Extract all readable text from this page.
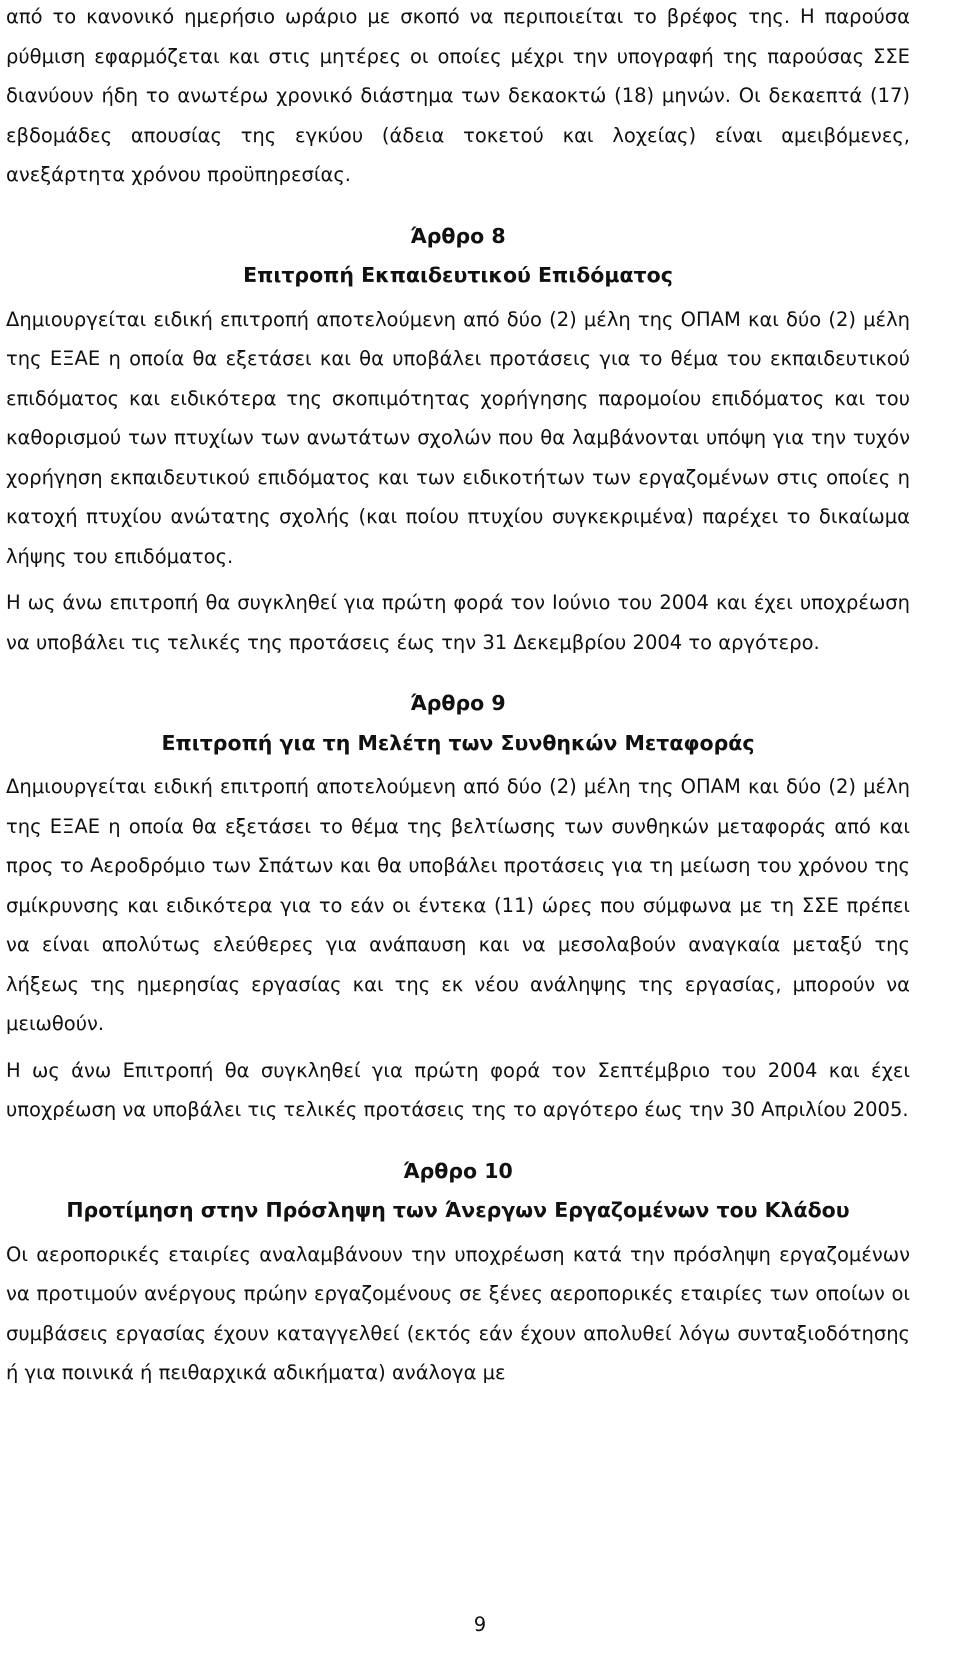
από το κανονικό ημερήσιο ωράριο με σκοπό να περιποιείται το βρέφος της. Η παρούσα ρύθμιση εφαρμόζεται και στις μητέρες οι οποίες μέχρι την υπογραφή της παρούσας ΣΣΕ διανύουν ήδη το ανωτέρω χρονικό διάστημα των δεκαοκτώ (18) μηνών. Οι δεκαεπτά (17) εβδομάδες απουσίας της εγκύου (άδεια τοκετού και λοχείας) είναι αμειβόμενες, ανεξάρτητα χρόνου προϋπηρεσίας.

Άρθρο 8

Επιτροπή Εκπαιδευτικού Επιδόματος

Δημιουργείται ειδική επιτροπή αποτελούμενη από δύο (2) μέλη της ΟΠΑΜ και δύο (2) μέλη της ΕΞΑΕ η οποία θα εξετάσει και θα υποβάλει προτάσεις για το θέμα του εκπαιδευτικού επιδόματος και ειδικότερα της σκοπιμότητας χορήγησης παρομοίου επιδόματος και του καθορισμού των πτυχίων των ανωτάτων σχολών που θα λαμβάνονται υπόψη για την τυχόν χορήγηση εκπαιδευτικού επιδόματος και των ειδικοτήτων των εργαζομένων στις οποίες η κατοχή πτυχίου ανώτατης σχολής (και ποίου πτυχίου συγκεκριμένα) παρέχει το δικαίωμα λήψης του επιδόματος.

Η ως άνω επιτροπή θα συγκληθεί για πρώτη φορά τον Ιούνιο του 2004 και έχει υποχρέωση να υποβάλει τις τελικές της προτάσεις έως την 31 Δεκεμβρίου 2004 το αργότερο.

Άρθρο 9

Επιτροπή για τη Μελέτη των Συνθηκών Μεταφοράς

Δημιουργείται ειδική επιτροπή αποτελούμενη από δύο (2) μέλη της ΟΠΑΜ και δύο (2) μέλη της ΕΞΑΕ η οποία θα εξετάσει το θέμα της βελτίωσης των συνθηκών μεταφοράς από και προς το Αεροδρόμιο των Σπάτων και θα υποβάλει προτάσεις για τη μείωση του χρόνου της σμίκρυνσης και ειδικότερα για το εάν οι έντεκα (11) ώρες που σύμφωνα με τη ΣΣΕ πρέπει να είναι απολύτως ελεύθερες για ανάπαυση και να μεσολαβούν αναγκαία μεταξύ της λήξεως της ημερησίας εργασίας και της εκ νέου ανάληψης της εργασίας, μπορούν να μειωθούν.

Η ως άνω Επιτροπή θα συγκληθεί για πρώτη φορά τον Σεπτέμβριο του 2004 και έχει υποχρέωση να υποβάλει τις τελικές προτάσεις της το αργότερο έως την 30 Απριλίου 2005.

Άρθρο 10

Προτίμηση στην Πρόσληψη των Άνεργων Εργαζομένων του Κλάδου

Οι αεροπορικές εταιρίες αναλαμβάνουν την υποχρέωση κατά την πρόσληψη εργαζομένων να προτιμούν ανέργους πρώην εργαζομένους σε ξένες αεροπορικές εταιρίες των οποίων οι συμβάσεις εργασίας έχουν καταγγελθεί (εκτός εάν έχουν απολυθεί λόγω συνταξιοδότησης ή για ποινικά ή πειθαρχικά αδικήματα) ανάλογα με

9
